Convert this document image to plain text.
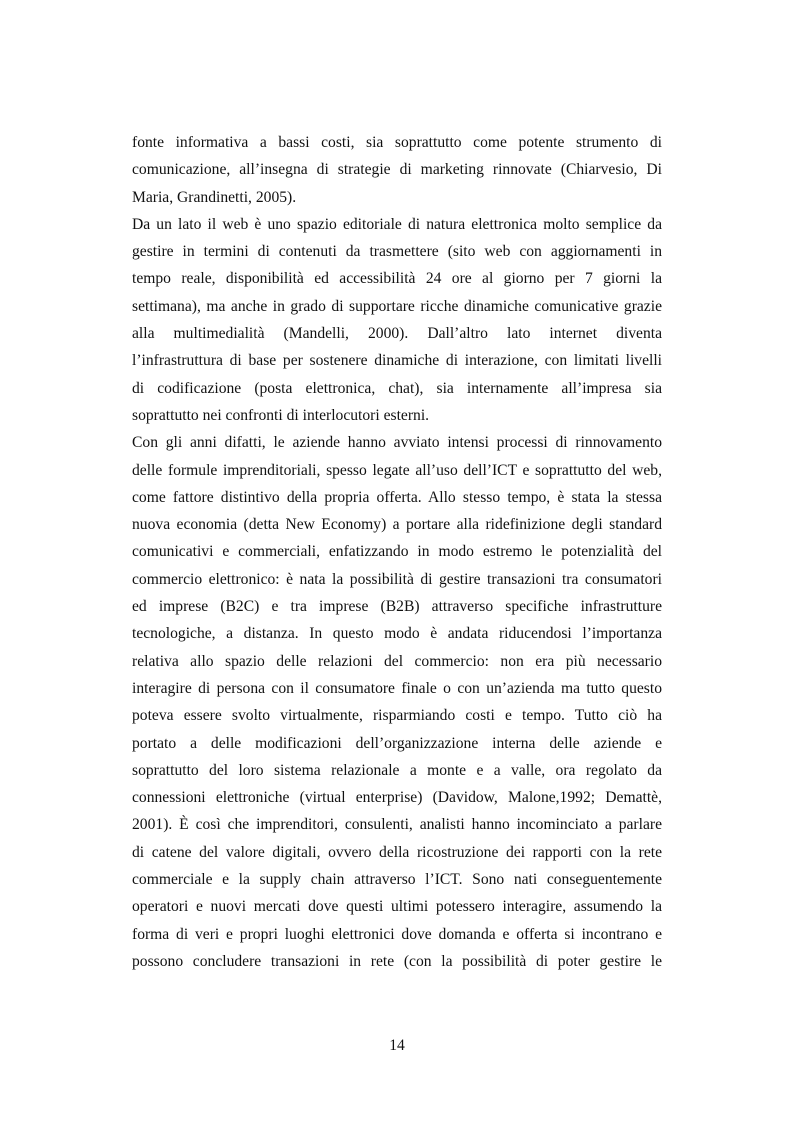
fonte informativa a bassi costi, sia soprattutto come potente strumento di
comunicazione, all’insegna di strategie di marketing rinnovate (Chiarvesio, Di
Maria, Grandinetti, 2005).
Da un lato il web è uno spazio editoriale di natura elettronica molto semplice da
gestire in termini di contenuti da trasmettere (sito web con aggiornamenti in
tempo reale, disponibilità ed accessibilità 24 ore al giorno per 7 giorni la
settimana), ma anche in grado di supportare ricche dinamiche comunicative grazie
alla multimedialità (Mandelli, 2000). Dall’altro lato internet diventa
l’infrastruttura di base per sostenere dinamiche di interazione, con limitati livelli
di codificazione (posta elettronica, chat), sia internamente all’impresa sia
soprattutto nei confronti di interlocutori esterni.
Con gli anni difatti, le aziende hanno avviato intensi processi di rinnovamento
delle formule imprenditoriali, spesso legate all’uso dell’ICT e soprattutto del web,
come fattore distintivo della propria offerta. Allo stesso tempo, è stata la stessa
nuova economia (detta New Economy) a portare alla ridefinizione degli standard
comunicativi e commerciali, enfatizzando in modo estremo le potenzialità del
commercio elettronico: è nata la possibilità di gestire transazioni tra consumatori
ed imprese (B2C) e tra imprese (B2B) attraverso specifiche infrastrutture
tecnologiche, a distanza. In questo modo è andata riducendosi l’importanza
relativa allo spazio delle relazioni del commercio: non era più necessario
interagire di persona con il consumatore finale o con un’azienda ma tutto questo
poteva essere svolto virtualmente, risparmiando costi e tempo. Tutto ciò ha
portato a delle modificazioni dell’organizzazione interna delle aziende e
soprattutto del loro sistema relazionale a monte e a valle, ora regolato da
connessioni elettroniche (virtual enterprise) (Davidow, Malone,1992; Demattè,
2001). È così che imprenditori, consulenti, analisti hanno incominciato a parlare
di catene del valore digitali, ovvero della ricostruzione dei rapporti con la rete
commerciale e la supply chain attraverso l’ICT. Sono nati conseguentemente
operatori e nuovi mercati dove questi ultimi potessero interagire, assumendo la
forma di veri e propri luoghi elettronici dove domanda e offerta si incontrano e
possono concludere transazioni in rete (con la possibilità di poter gestire le
14
